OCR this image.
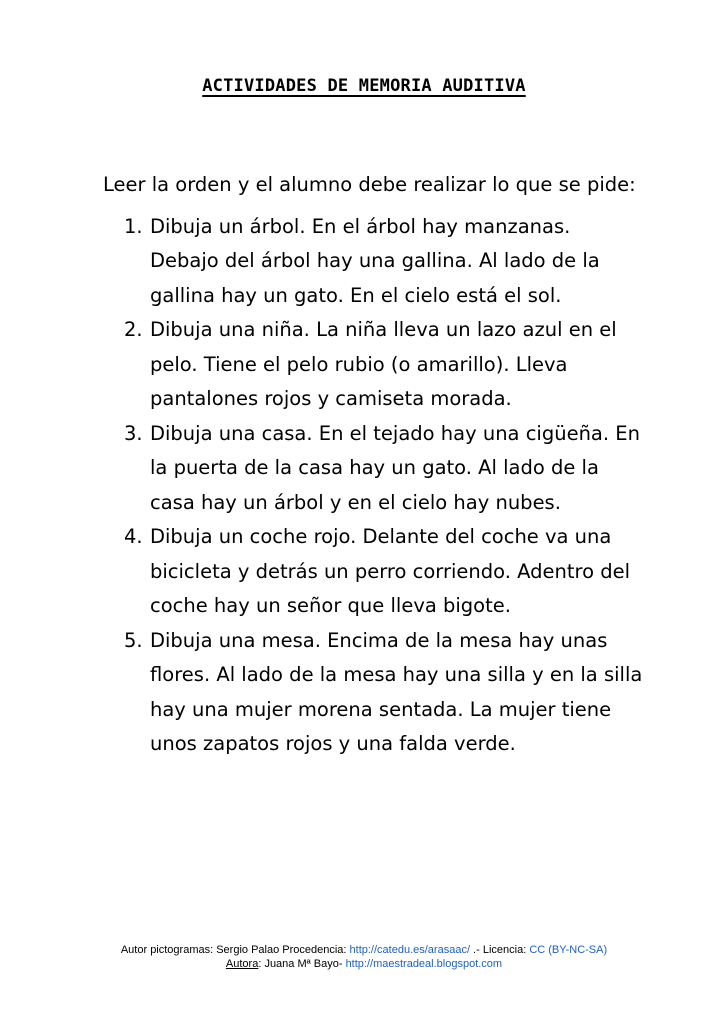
ACTIVIDADES DE MEMORIA AUDITIVA

Leer la orden y el alumno debe realizar lo que se pide:

1. Dibuja un árbol. En el árbol hay manzanas. Debajo del árbol hay una gallina. Al lado de la gallina hay un gato. En el cielo está el sol.
2. Dibuja una niña. La niña lleva un lazo azul en el pelo. Tiene el pelo rubio (o amarillo). Lleva pantalones rojos y camiseta morada.
3. Dibuja una casa. En el tejado hay una cigüeña. En la puerta de la casa hay un gato. Al lado de la casa hay un árbol y en el cielo hay nubes.
4. Dibuja un coche rojo. Delante del coche va una bicicleta y detrás un perro corriendo. Adentro del coche hay un señor que lleva bigote.
5. Dibuja una mesa. Encima de la mesa hay unas flores. Al lado de la mesa hay una silla y en la silla hay una mujer morena sentada. La mujer tiene unos zapatos rojos y una falda verde.
Autor pictogramas: Sergio Palao Procedencia: http://catedu.es/arasaac/ .- Licencia: CC (BY-NC-SA)
Autora: Juana Mª Bayo- http://maestradeal.blogspot.com
